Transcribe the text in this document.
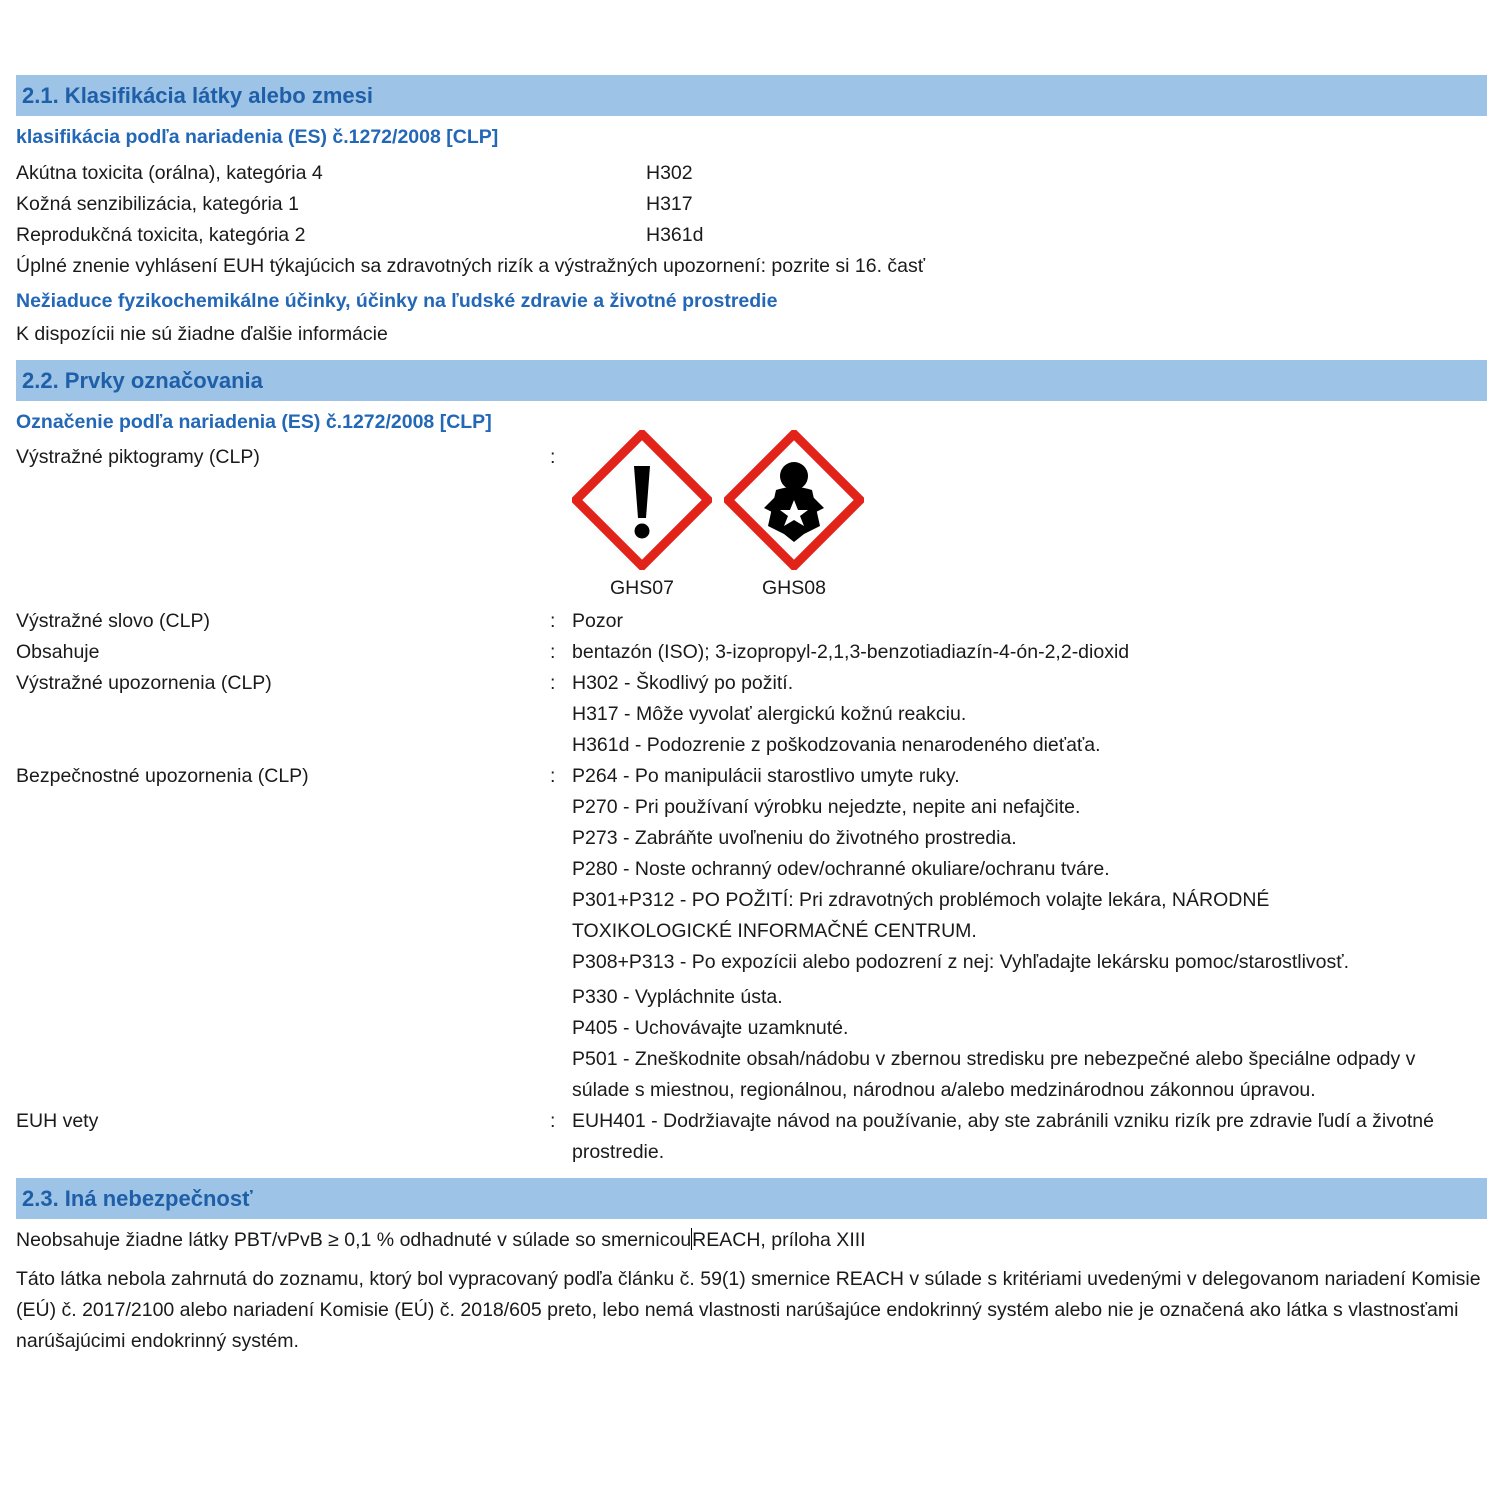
2.1. Klasifikácia látky alebo zmesi
klasifikácia podľa nariadenia (ES) č.1272/2008 [CLP]
Akútna toxicita (orálna), kategória 4	H302
Kožná senzibilizácia, kategória 1	H317
Reprodukčná toxicita, kategória 2	H361d
Úplné znenie vyhlásení EUH týkajúcich sa zdravotných rizík a výstražných upozornení: pozrite si 16. časť
Nežiaduce fyzikochemikálne účinky, účinky na ľudské zdravie a životné prostredie
K dispozícii nie sú žiadne ďalšie informácie
2.2. Prvky označovania
Označenie podľa nariadenia (ES) č.1272/2008 [CLP]
Výstražné piktogramy (CLP)	:
GHS07	GHS08
Výstražné slovo (CLP)	: Pozor
Obsahuje	: bentazón (ISO); 3-izopropyl-2,1,3-benzotiadiazín-4-ón-2,2-dioxid
Výstražné upozornenia (CLP)	: H302 - Škodlivý po požití.
H317 - Môže vyvolať alergickú kožnú reakciu.
H361d - Podozrenie z poškodzovania nenarodeného dieťaťa.
Bezpečnostné upozornenia (CLP)	: P264 - Po manipulácii starostlivo umyte ruky.
P270 - Pri používaní výrobku nejedzte, nepite ani nefajčite.
P273 - Zabráňte uvoľneniu do životného prostredia.
P280 - Noste ochranný odev/ochranné okuliare/ochranu tváre.
P301+P312 - PO POŽITÍ: Pri zdravotných problémoch volajte lekára, NÁRODNÉ TOXIKOLOGICKÉ INFORMAČNÉ CENTRUM.
P308+P313 - Po expozícii alebo podozrení z nej: Vyhľadajte lekársku pomoc/starostlivosť.
P330 - Vypláchnite ústa.
P405 - Uchovávajte uzamknuté.
P501 - Zneškodnite obsah/nádobu v zbernou stredisku pre nebezpečné alebo špeciálne odpady v súlade s miestnou, regionálnou, národnou a/alebo medzinárodnou zákonnou úpravou.
EUH vety	: EUH401 - Dodržiavajte návod na používanie, aby ste zabránili vzniku rizík pre zdravie ľudí a životné prostredie.
2.3. Iná nebezpečnosť
Neobsahuje žiadne látky PBT/vPvB ≥ 0,1 % odhadnuté v súlade so smernicouREACH, príloha XIII
Táto látka nebola zahrnutá do zoznamu, ktorý bol vypracovaný podľa článku č. 59(1) smernice REACH v súlade s kritériami uvedenými v delegovanom nariadení Komisie (EÚ) č. 2017/2100 alebo nariadení Komisie (EÚ) č. 2018/605 preto, lebo nemá vlastnosti narúšajúce endokrinný systém alebo nie je označená ako látka s vlastnosťami narúšajúcimi endokrinný systém.
